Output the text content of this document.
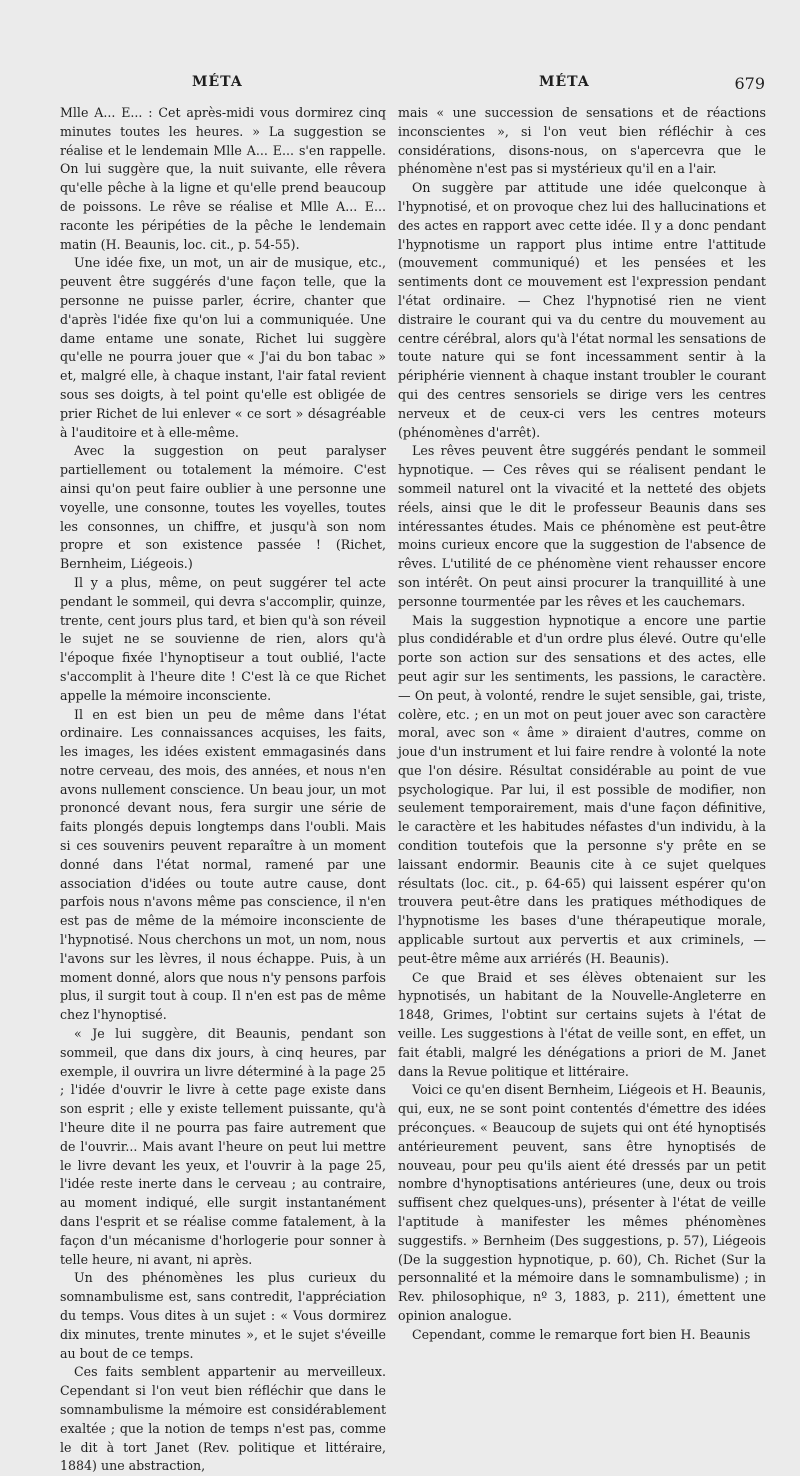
MÉTA	MÉTA	679

Mlle A... E... : Cet après-midi vous dormirez cinq minutes toutes les heures. » La suggestion se réalise et le lendemain Mlle A... E... s'en rappelle. On lui suggère que, la nuit suivante, elle rêvera qu'elle pêche à la ligne et qu'elle prend beaucoup de poissons. Le rêve se réalise et Mlle A... E... raconte les péripéties de la pêche le lendemain matin (H. Beaunis, loc. cit., p. 54-55).

Une idée fixe, un mot, un air de musique, etc., peuvent être suggérés d'une façon telle, que la personne ne puisse parler, écrire, chanter que d'après l'idée fixe qu'on lui a communiquée. Une dame entame une sonate, Richet lui suggère qu'elle ne pourra jouer que « J'ai du bon tabac » et, malgré elle, à chaque instant, l'air fatal revient sous ses doigts, à tel point qu'elle est obligée de prier Richet de lui enlever « ce sort » désagréable à l'auditoire et à elle-même.

Avec la suggestion on peut paralyser partiellement ou totalement la mémoire. C'est ainsi qu'on peut faire oublier à une personne une voyelle, une consonne, toutes les voyelles, toutes les consonnes, un chiffre, et jusqu'à son nom propre et son existence passée ! (Richet, Bernheim, Liégeois.)

Il y a plus, même, on peut suggérer tel acte pendant le sommeil, qui devra s'accomplir, quinze, trente, cent jours plus tard, et bien qu'à son réveil le sujet ne se souvienne de rien, alors qu'à l'époque fixée l'hynoptiseur a tout oublié, l'acte s'accomplit à l'heure dite ! C'est là ce que Richet appelle la mémoire inconsciente.

Il en est bien un peu de même dans l'état ordinaire. Les connaissances acquises, les faits, les images, les idées existent emmagasinés dans notre cerveau, des mois, des années, et nous n'en avons nullement conscience. Un beau jour, un mot prononcé devant nous, fera surgir une série de faits plongés depuis longtemps dans l'oubli. Mais si ces souvenirs peuvent reparaître à un moment donné dans l'état normal, ramené par une association d'idées ou toute autre cause, dont parfois nous n'avons même pas conscience, il n'en est pas de même de la mémoire inconsciente de l'hypnotisé. Nous cherchons un mot, un nom, nous l'avons sur les lèvres, il nous échappe. Puis, à un moment donné, alors que nous n'y pensons parfois plus, il surgit tout à coup. Il n'en est pas de même chez l'hynoptisé.

« Je lui suggère, dit Beaunis, pendant son sommeil, que dans dix jours, à cinq heures, par exemple, il ouvrira un livre déterminé à la page 25 ; l'idée d'ouvrir le livre à cette page existe dans son esprit ; elle y existe tellement puissante, qu'à l'heure dite il ne pourra pas faire autrement que de l'ouvrir... Mais avant l'heure on peut lui mettre le livre devant les yeux, et l'ouvrir à la page 25, l'idée reste inerte dans le cerveau ; au contraire, au moment indiqué, elle surgit instantanément dans l'esprit et se réalise comme fatalement, à la façon d'un mécanisme d'horlogerie pour sonner à telle heure, ni avant, ni après.

Un des phénomènes les plus curieux du somnambulisme est, sans contredit, l'appréciation du temps. Vous dites à un sujet : « Vous dormirez dix minutes, trente minutes », et le sujet s'éveille au bout de ce temps.

Ces faits semblent appartenir au merveilleux. Cependant si l'on veut bien réfléchir que dans le somnambulisme la mémoire est considérablement exaltée ; que la notion de temps n'est pas, comme le dit à tort Janet (Rev. politique et littéraire, 1884) une abstraction,

mais « une succession de sensations et de réactions inconscientes », si l'on veut bien réfléchir à ces considérations, disons-nous, on s'apercevra que le phénomène n'est pas si mystérieux qu'il en a l'air.

On suggère par attitude une idée quelconque à l'hypnotisé, et on provoque chez lui des hallucinations et des actes en rapport avec cette idée. Il y a donc pendant l'hypnotisme un rapport plus intime entre l'attitude (mouvement communiqué) et les pensées et les sentiments dont ce mouvement est l'expression pendant l'état ordinaire. — Chez l'hypnotisé rien ne vient distraire le courant qui va du centre du mouvement au centre cérébral, alors qu'à l'état normal les sensations de toute nature qui se font incessamment sentir à la périphérie viennent à chaque instant troubler le courant qui des centres sensoriels se dirige vers les centres nerveux et de ceux-ci vers les centres moteurs (phénomènes d'arrêt).

Les rêves peuvent être suggérés pendant le sommeil hypnotique. — Ces rêves qui se réalisent pendant le sommeil naturel ont la vivacité et la netteté des objets réels, ainsi que le dit le professeur Beaunis dans ses intéressantes études. Mais ce phénomène est peut-être moins curieux encore que la suggestion de l'absence de rêves. L'utilité de ce phénomène vient rehausser encore son intérêt. On peut ainsi procurer la tranquillité à une personne tourmentée par les rêves et les cauchemars.

Mais la suggestion hypnotique a encore une partie plus condidérable et d'un ordre plus élevé. Outre qu'elle porte son action sur des sensations et des actes, elle peut agir sur les sentiments, les passions, le caractère. — On peut, à volonté, rendre le sujet sensible, gai, triste, colère, etc. ; en un mot on peut jouer avec son caractère moral, avec son « âme » diraient d'autres, comme on joue d'un instrument et lui faire rendre à volonté la note que l'on désire. Résultat considérable au point de vue psychologique. Par lui, il est possible de modifier, non seulement temporairement, mais d'une façon définitive, le caractère et les habitudes néfastes d'un individu, à la condition toutefois que la personne s'y prête en se laissant endormir. Beaunis cite à ce sujet quelques résultats (loc. cit., p. 64-65) qui laissent espérer qu'on trouvera peut-être dans les pratiques méthodiques de l'hypnotisme les bases d'une thérapeutique morale, applicable surtout aux pervertis et aux criminels, — peut-être même aux arriérés (H. Beaunis).

Ce que Braid et ses élèves obtenaient sur les hypnotisés, un habitant de la Nouvelle-Angleterre en 1848, Grimes, l'obtint sur certains sujets à l'état de veille. Les suggestions à l'état de veille sont, en effet, un fait établi, malgré les dénégations a priori de M. Janet dans la Revue politique et littéraire.

Voici ce qu'en disent Bernheim, Liégeois et H. Beaunis, qui, eux, ne se sont point contentés d'émettre des idées préconçues. « Beaucoup de sujets qui ont été hynoptisés antérieurement peuvent, sans être hynoptisés de nouveau, pour peu qu'ils aient été dressés par un petit nombre d'hynoptisations antérieures (une, deux ou trois suffisent chez quelques-uns), présenter à l'état de veille l'aptitude à manifester les mêmes phénomènes suggestifs. » Bernheim (Des suggestions, p. 57), Liégeois (De la suggestion hypnotique, p. 60), Ch. Richet (Sur la personnalité et la mémoire dans le somnambulisme) ; in Rev. philosophique, nº 3, 1883, p. 211), émettent une opinion analogue.

Cependant, comme le remarque fort bien H. Beaunis
